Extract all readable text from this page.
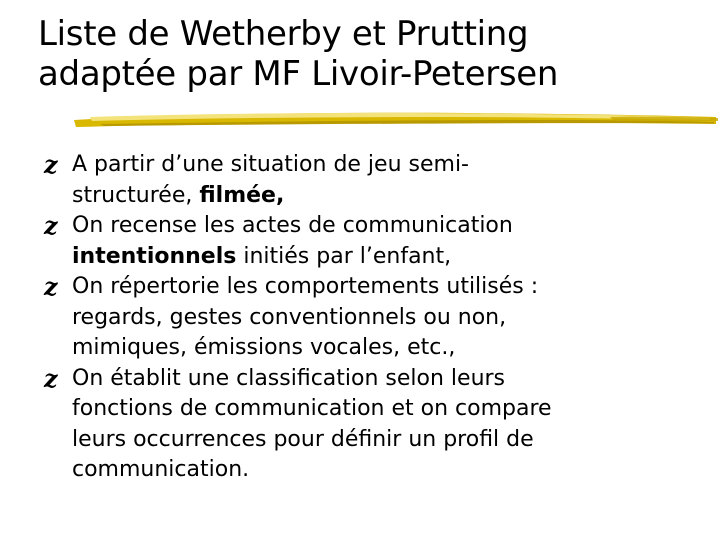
Liste de Wetherby et Prutting
adaptée par MF Livoir-Petersen
z A partir d’une situation de jeu semi-
structurée, filmée,
z On recense les actes de communication
intentionnels initiés par l’enfant,
z On répertorie les comportements utilisés :
regards, gestes conventionnels ou non,
mimiques, émissions vocales, etc.,
z On établit une classification selon leurs
fonctions de communication et on compare
leurs occurrences pour définir un profil de
communication.
